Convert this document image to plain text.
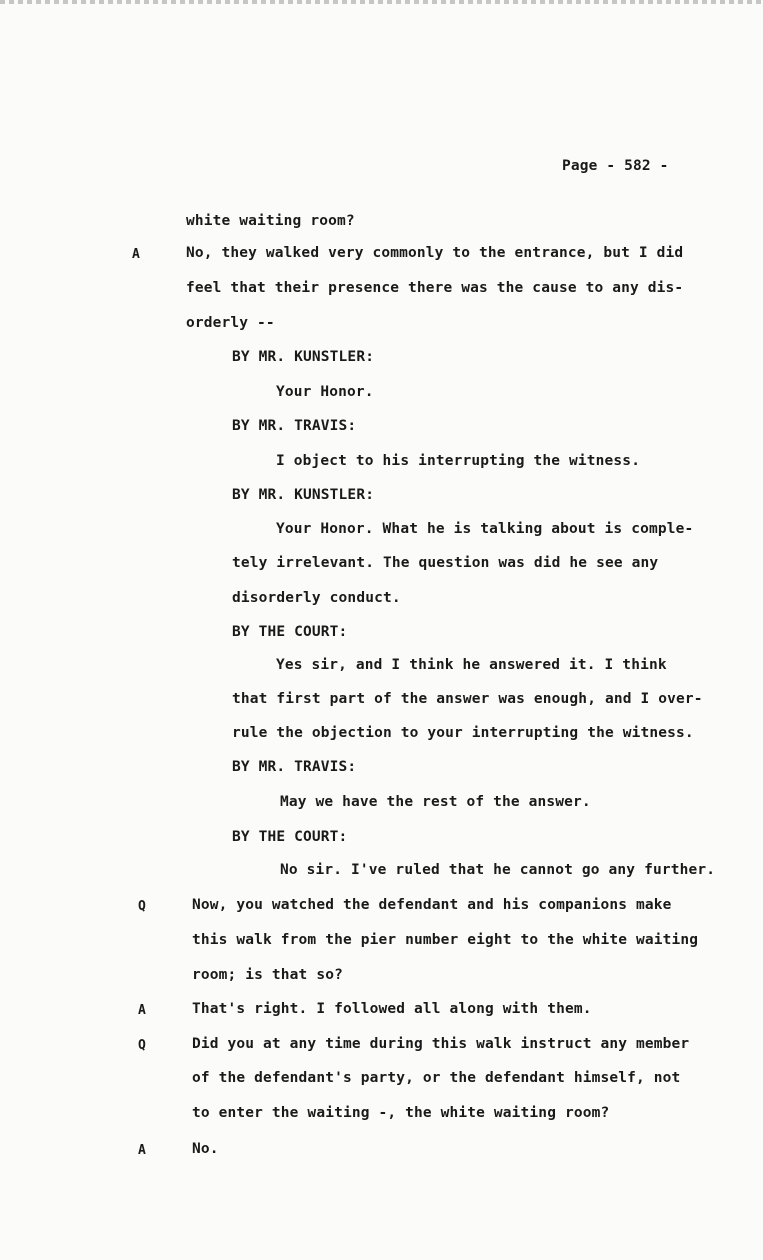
Page - 582 -
white waiting room?
A	No, they walked very commonly to the entrance, but I did
feel that their presence there was the cause to any dis-
orderly --
BY MR. KUNSTLER:
Your Honor.
BY MR. TRAVIS:
I object to his interrupting the witness.
BY MR. KUNSTLER:
Your Honor. What he is talking about is comple-
tely irrelevant. The question was did he see any
disorderly conduct.
BY THE COURT:
Yes sir, and I think he answered it. I think
that first part of the answer was enough, and I over-
rule the objection to your interrupting the witness.
BY MR. TRAVIS:
May we have the rest of the answer.
BY THE COURT:
No sir. I've ruled that he cannot go any further.
Q	Now, you watched the defendant and his companions make
this walk from the pier number eight to the white waiting
room; is that so?
A	That's right. I followed all along with them.
Q	Did you at any time during this walk instruct any member
of the defendant's party, or the defendant himself, not
to enter the waiting -, the white waiting room?
A	No.
